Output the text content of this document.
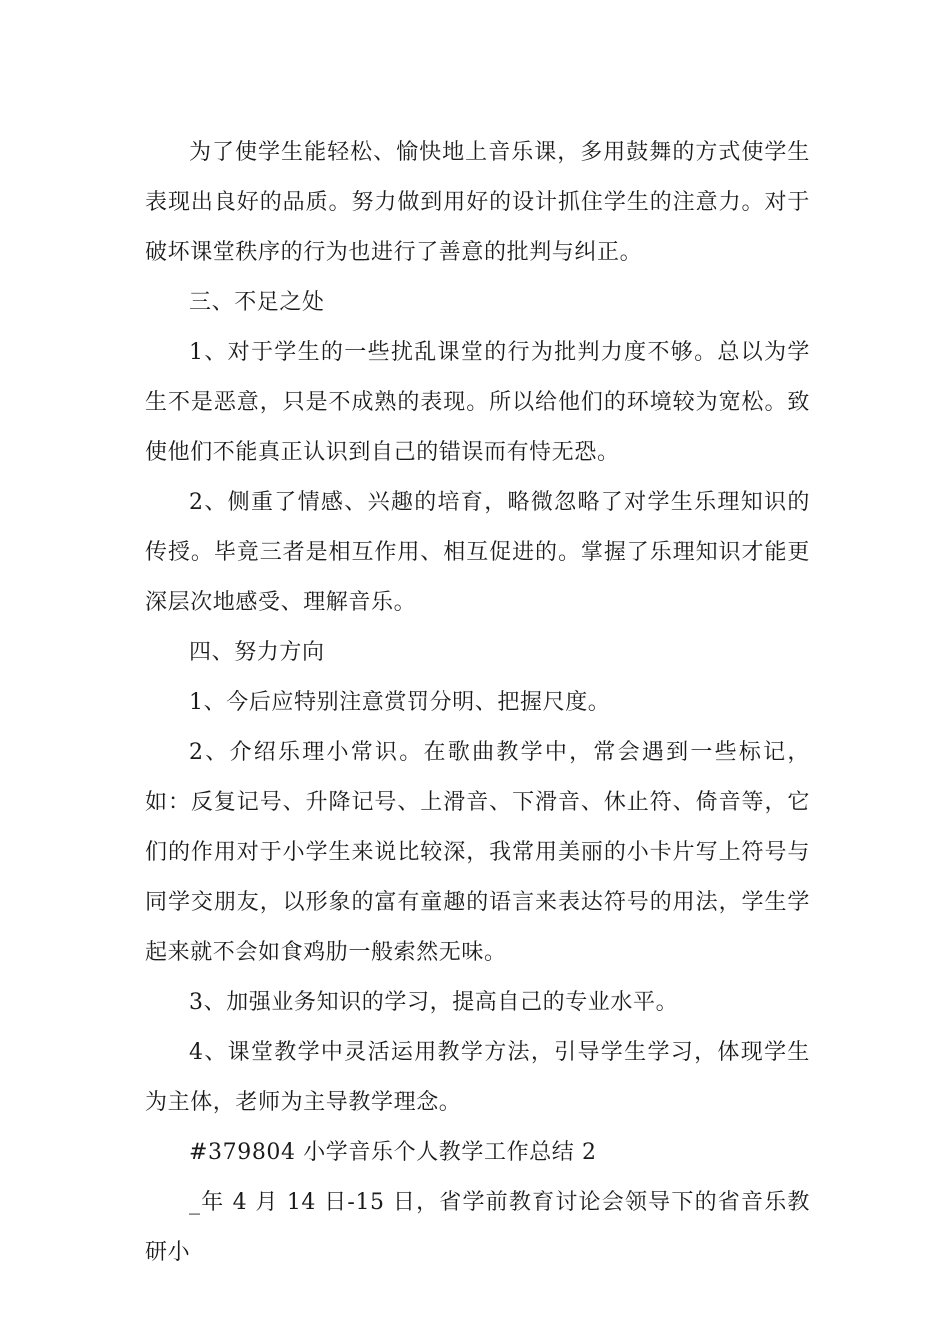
为了使学生能轻松、愉快地上音乐课，多用鼓舞的方式使学生表现出良好的品质。努力做到用好的设计抓住学生的注意力。对于破坏课堂秩序的行为也进行了善意的批判与纠正。

三、不足之处

1、对于学生的一些扰乱课堂的行为批判力度不够。总以为学生不是恶意，只是不成熟的表现。所以给他们的环境较为宽松。致使他们不能真正认识到自己的错误而有恃无恐。

2、侧重了情感、兴趣的培育，略微忽略了对学生乐理知识的传授。毕竟三者是相互作用、相互促进的。掌握了乐理知识才能更深层次地感受、理解音乐。

四、努力方向

1、今后应特别注意赏罚分明、把握尺度。

2、介绍乐理小常识。在歌曲教学中，常会遇到一些标记，如：反复记号、升降记号、上滑音、下滑音、休止符、倚音等，它们的作用对于小学生来说比较深，我常用美丽的小卡片写上符号与同学交朋友，以形象的富有童趣的语言来表达符号的用法，学生学起来就不会如食鸡肋一般索然无味。

3、加强业务知识的学习，提高自己的专业水平。

4、课堂教学中灵活运用教学方法，引导学生学习，体现学生为主体，老师为主导教学理念。

#379804 小学音乐个人教学工作总结 2

_年 4 月 14 日-15 日，省学前教育讨论会领导下的省音乐教研小
